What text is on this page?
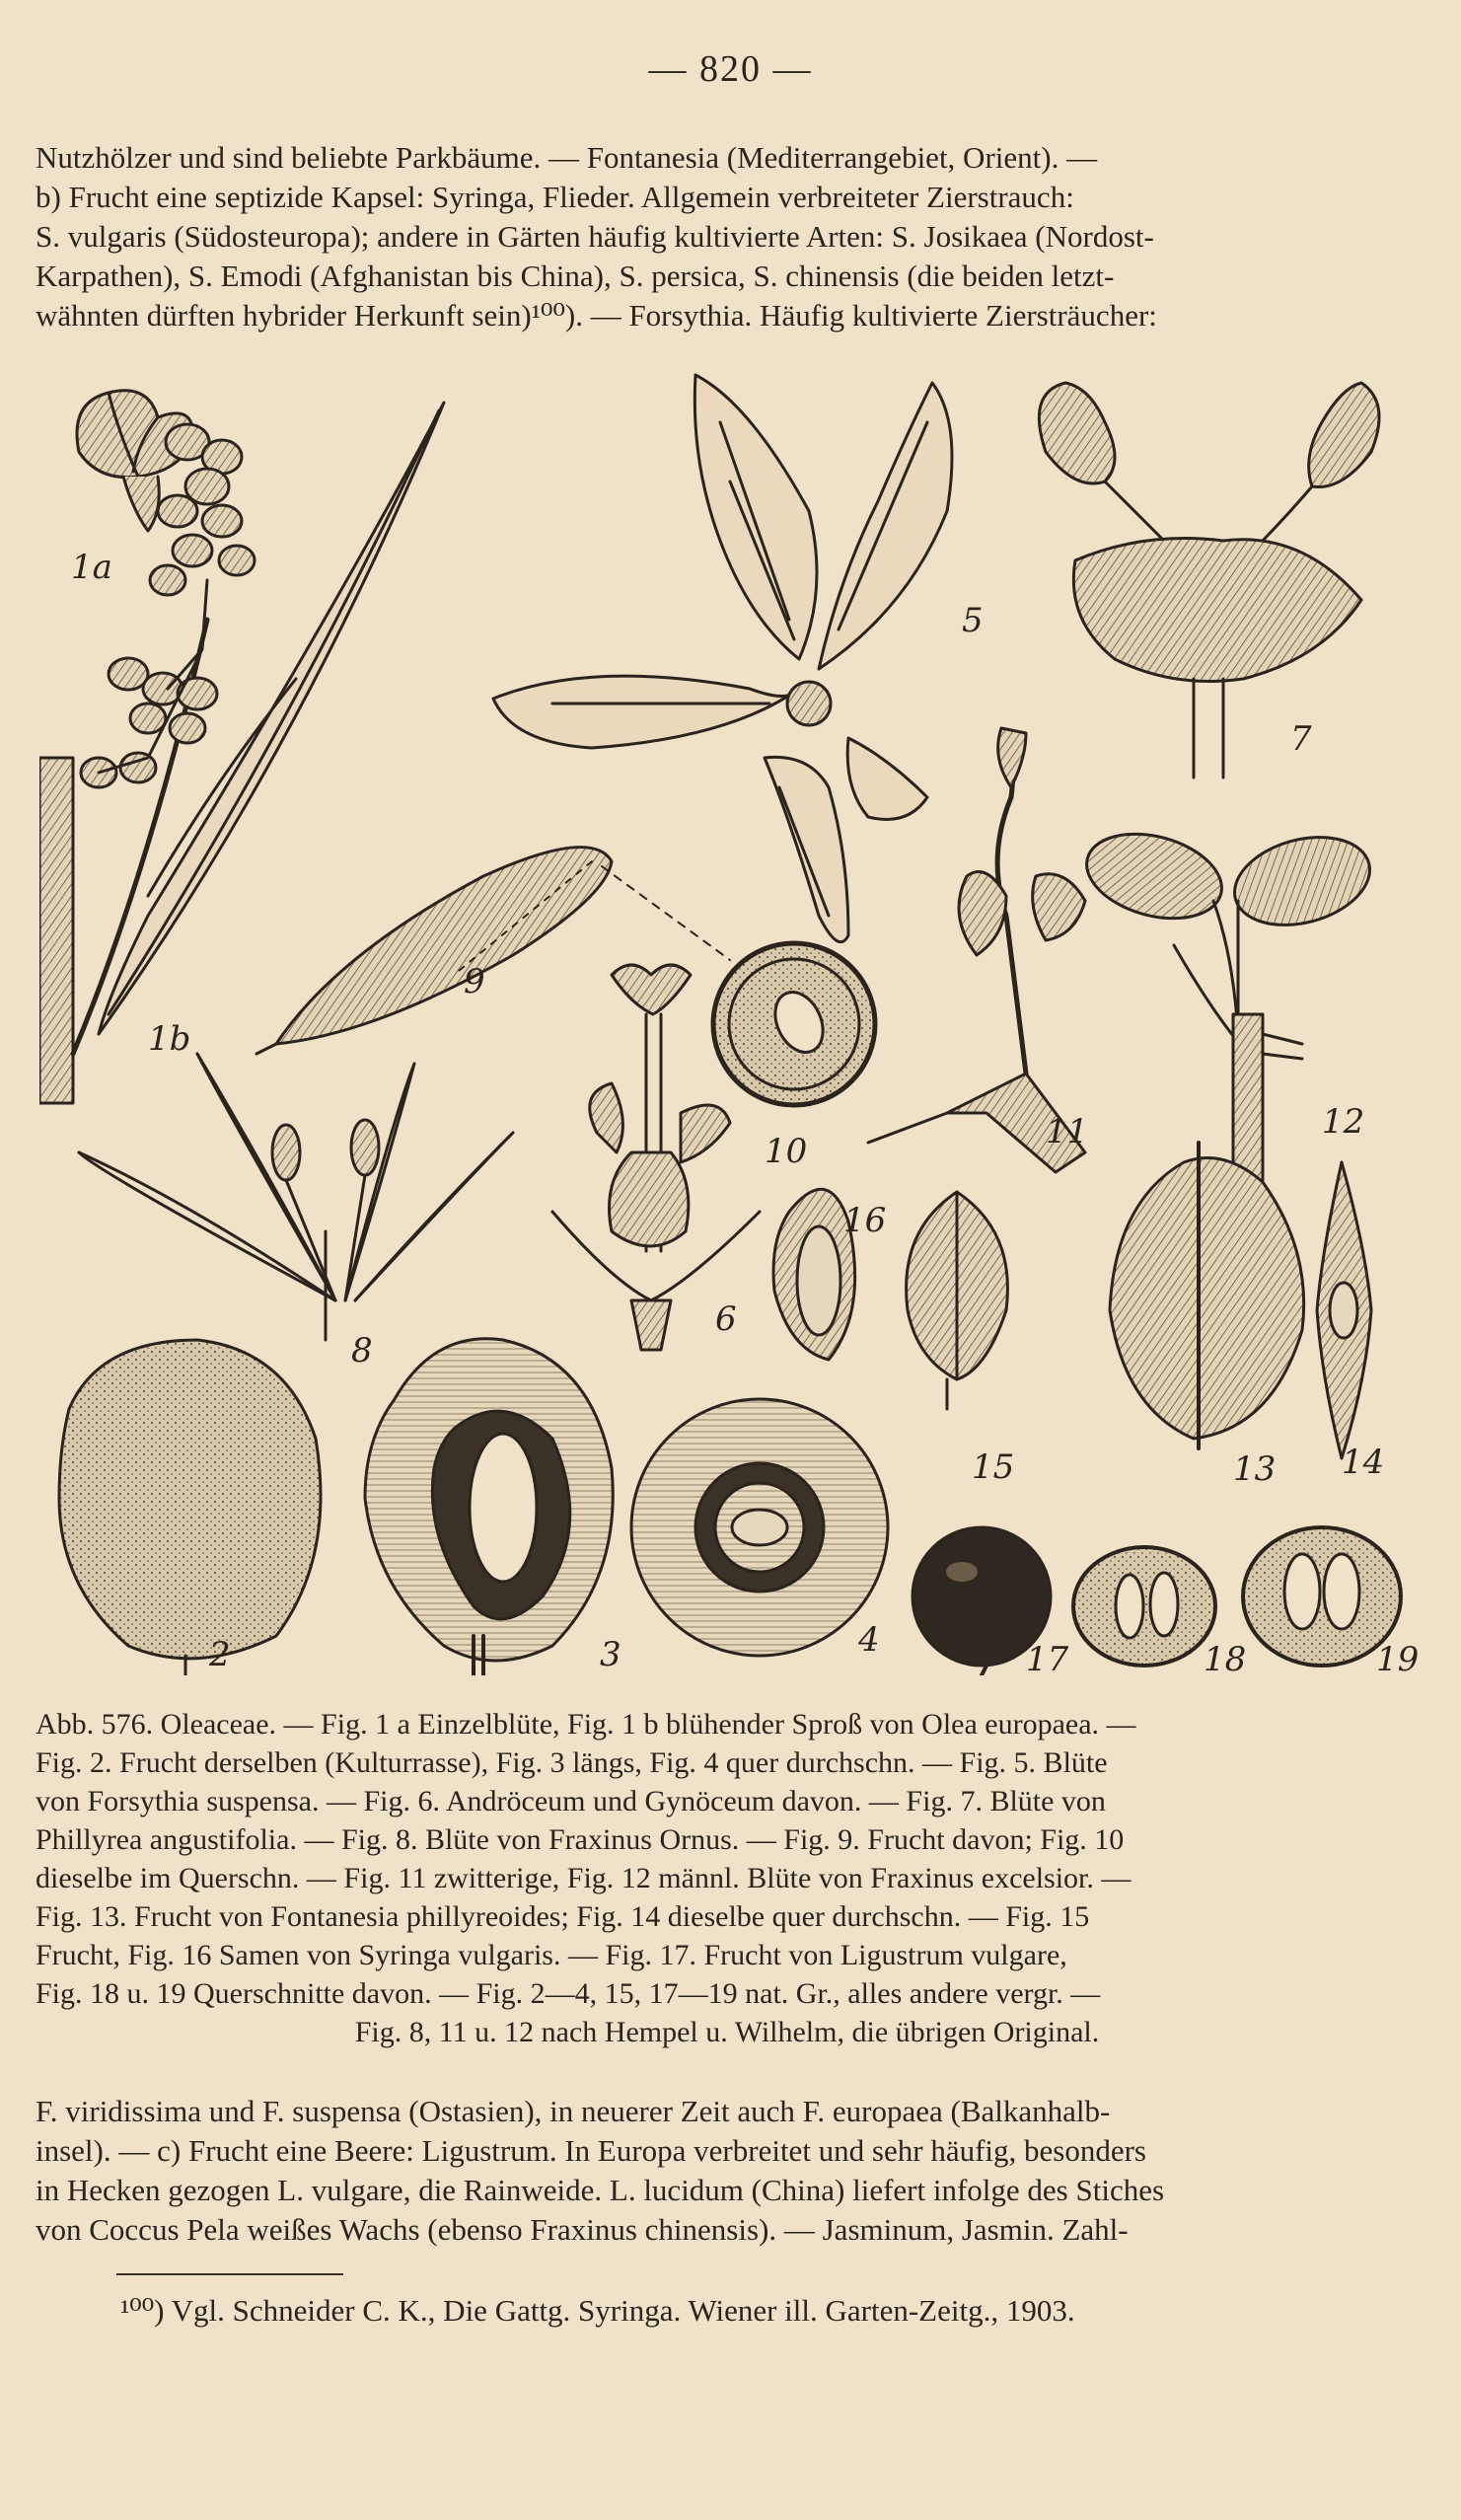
— 820 —
Nutzhölzer und sind beliebte Parkbäume. — Fontanesia (Mediterrangebiet, Orient). —
b) Frucht eine septizide Kapsel: Syringa, Flieder. Allgemein verbreiteter Zierstrauch:
S. vulgaris (Südosteuropa); andere in Gärten häufig kultivierte Arten: S. Josikaea (Nordost-
Karpathen), S. Emodi (Afghanistan bis China), S. persica, S. chinensis (die beiden letzt-
wähnten dürften hybrider Herkunft sein)¹⁰⁰). — Forsythia. Häufig kultivierte Ziersträucher:
1a
1b
2	3	4
5
6
7
8
9
10	11	12
13 14
15
16
17	18	19
Abb. 576. Oleaceae. — Fig. 1 a Einzelblüte, Fig. 1 b blühender Sproß von Olea europaea. —
Fig. 2. Frucht derselben (Kulturrasse), Fig. 3 längs, Fig. 4 quer durchschn. — Fig. 5. Blüte
von Forsythia suspensa. — Fig. 6. Andröceum und Gynöceum davon. — Fig. 7. Blüte von
Phillyrea angustifolia. — Fig. 8. Blüte von Fraxinus Ornus. — Fig. 9. Frucht davon; Fig. 10
dieselbe im Querschn. — Fig. 11 zwitterige, Fig. 12 männl. Blüte von Fraxinus excelsior. —
Fig. 13. Frucht von Fontanesia phillyreoides; Fig. 14 dieselbe quer durchschn. — Fig. 15
Frucht, Fig. 16 Samen von Syringa vulgaris. — Fig. 17. Frucht von Ligustrum vulgare,
Fig. 18 u. 19 Querschnitte davon. — Fig. 2—4, 15, 17—19 nat. Gr., alles andere vergr. —
Fig. 8, 11 u. 12 nach Hempel u. Wilhelm, die übrigen Original.
F. viridissima und F. suspensa (Ostasien), in neuerer Zeit auch F. europaea (Balkanhalb-
insel). — c) Frucht eine Beere: Ligustrum. In Europa verbreitet und sehr häufig, besonders
in Hecken gezogen L. vulgare, die Rainweide. L. lucidum (China) liefert infolge des Stiches
von Coccus Pela weißes Wachs (ebenso Fraxinus chinensis). — Jasminum, Jasmin. Zahl-
¹⁰⁰) Vgl. Schneider C. K., Die Gattg. Syringa. Wiener ill. Garten-Zeitg., 1903.
